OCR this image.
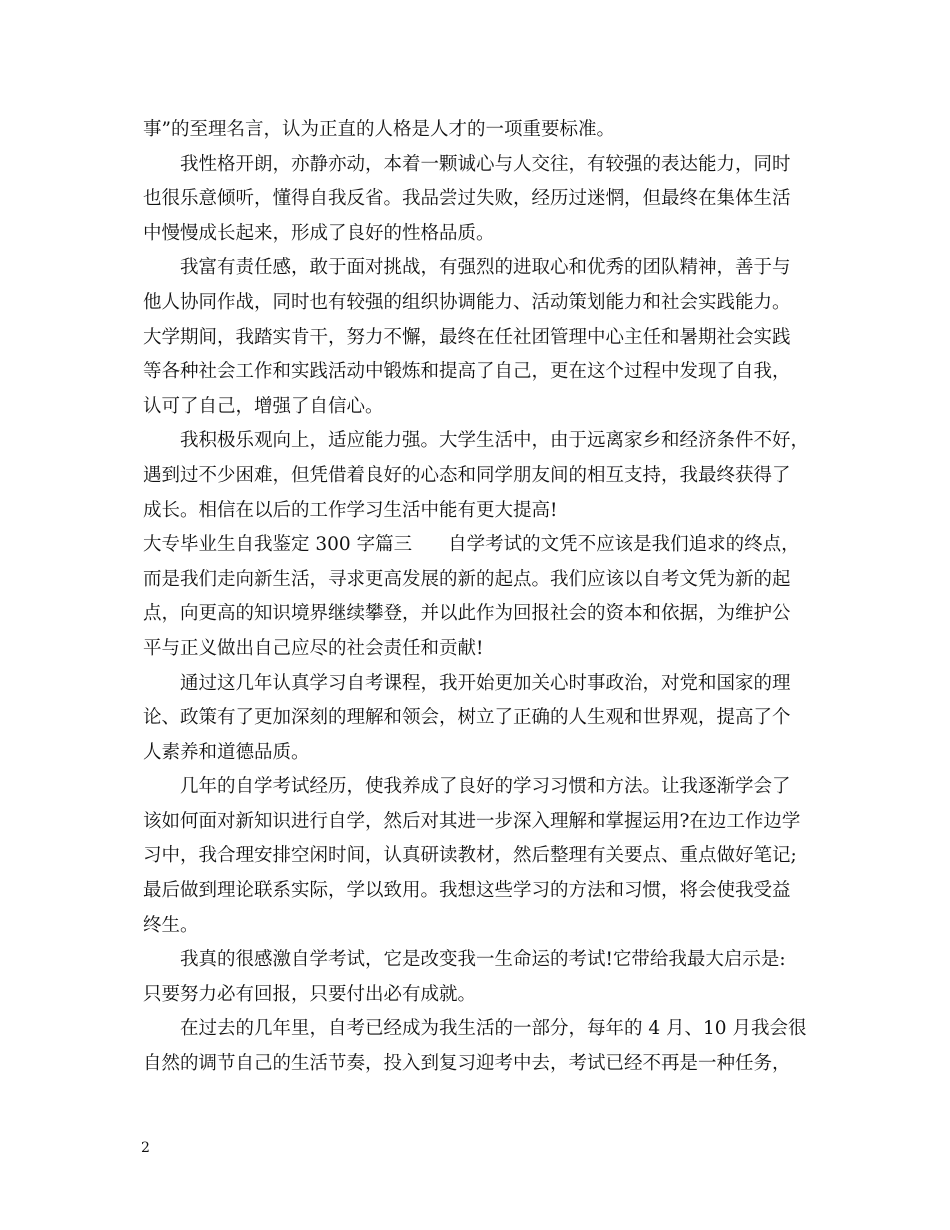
事”的至理名言，认为正直的人格是人才的一项重要标准。
我性格开朗，亦静亦动，本着一颗诚心与人交往，有较强的表达能力，同时
也很乐意倾听，懂得自我反省。我品尝过失败，经历过迷惘，但最终在集体生活
中慢慢成长起来，形成了良好的性格品质。
我富有责任感，敢于面对挑战，有强烈的进取心和优秀的团队精神，善于与
他人协同作战，同时也有较强的组织协调能力、活动策划能力和社会实践能力。
大学期间，我踏实肯干，努力不懈，最终在任社团管理中心主任和暑期社会实践
等各种社会工作和实践活动中锻炼和提高了自己，更在这个过程中发现了自我，
认可了自己，增强了自信心。
我积极乐观向上，适应能力强。大学生活中，由于远离家乡和经济条件不好，
遇到过不少困难，但凭借着良好的心态和同学朋友间的相互支持，我最终获得了
成长。相信在以后的工作学习生活中能有更大提高!
大专毕业生自我鉴定 300 字篇三 自学考试的文凭不应该是我们追求的终点，
而是我们走向新生活，寻求更高发展的新的起点。我们应该以自考文凭为新的起
点，向更高的知识境界继续攀登，并以此作为回报社会的资本和依据，为维护公
平与正义做出自己应尽的社会责任和贡献!
通过这几年认真学习自考课程，我开始更加关心时事政治，对党和国家的理
论、政策有了更加深刻的理解和领会，树立了正确的人生观和世界观，提高了个
人素养和道德品质。
几年的自学考试经历，使我养成了良好的学习习惯和方法。让我逐渐学会了
该如何面对新知识进行自学，然后对其进一步深入理解和掌握运用?在边工作边学
习中，我合理安排空闲时间，认真研读教材，然后整理有关要点、重点做好笔记;
最后做到理论联系实际，学以致用。我想这些学习的方法和习惯，将会使我受益
终生。
我真的很感激自学考试，它是改变我一生命运的考试!它带给我最大启示是:
只要努力必有回报，只要付出必有成就。
在过去的几年里，自考已经成为我生活的一部分，每年的 4 月、10 月我会很
自然的调节自己的生活节奏，投入到复习迎考中去，考试已经不再是一种任务，
2
